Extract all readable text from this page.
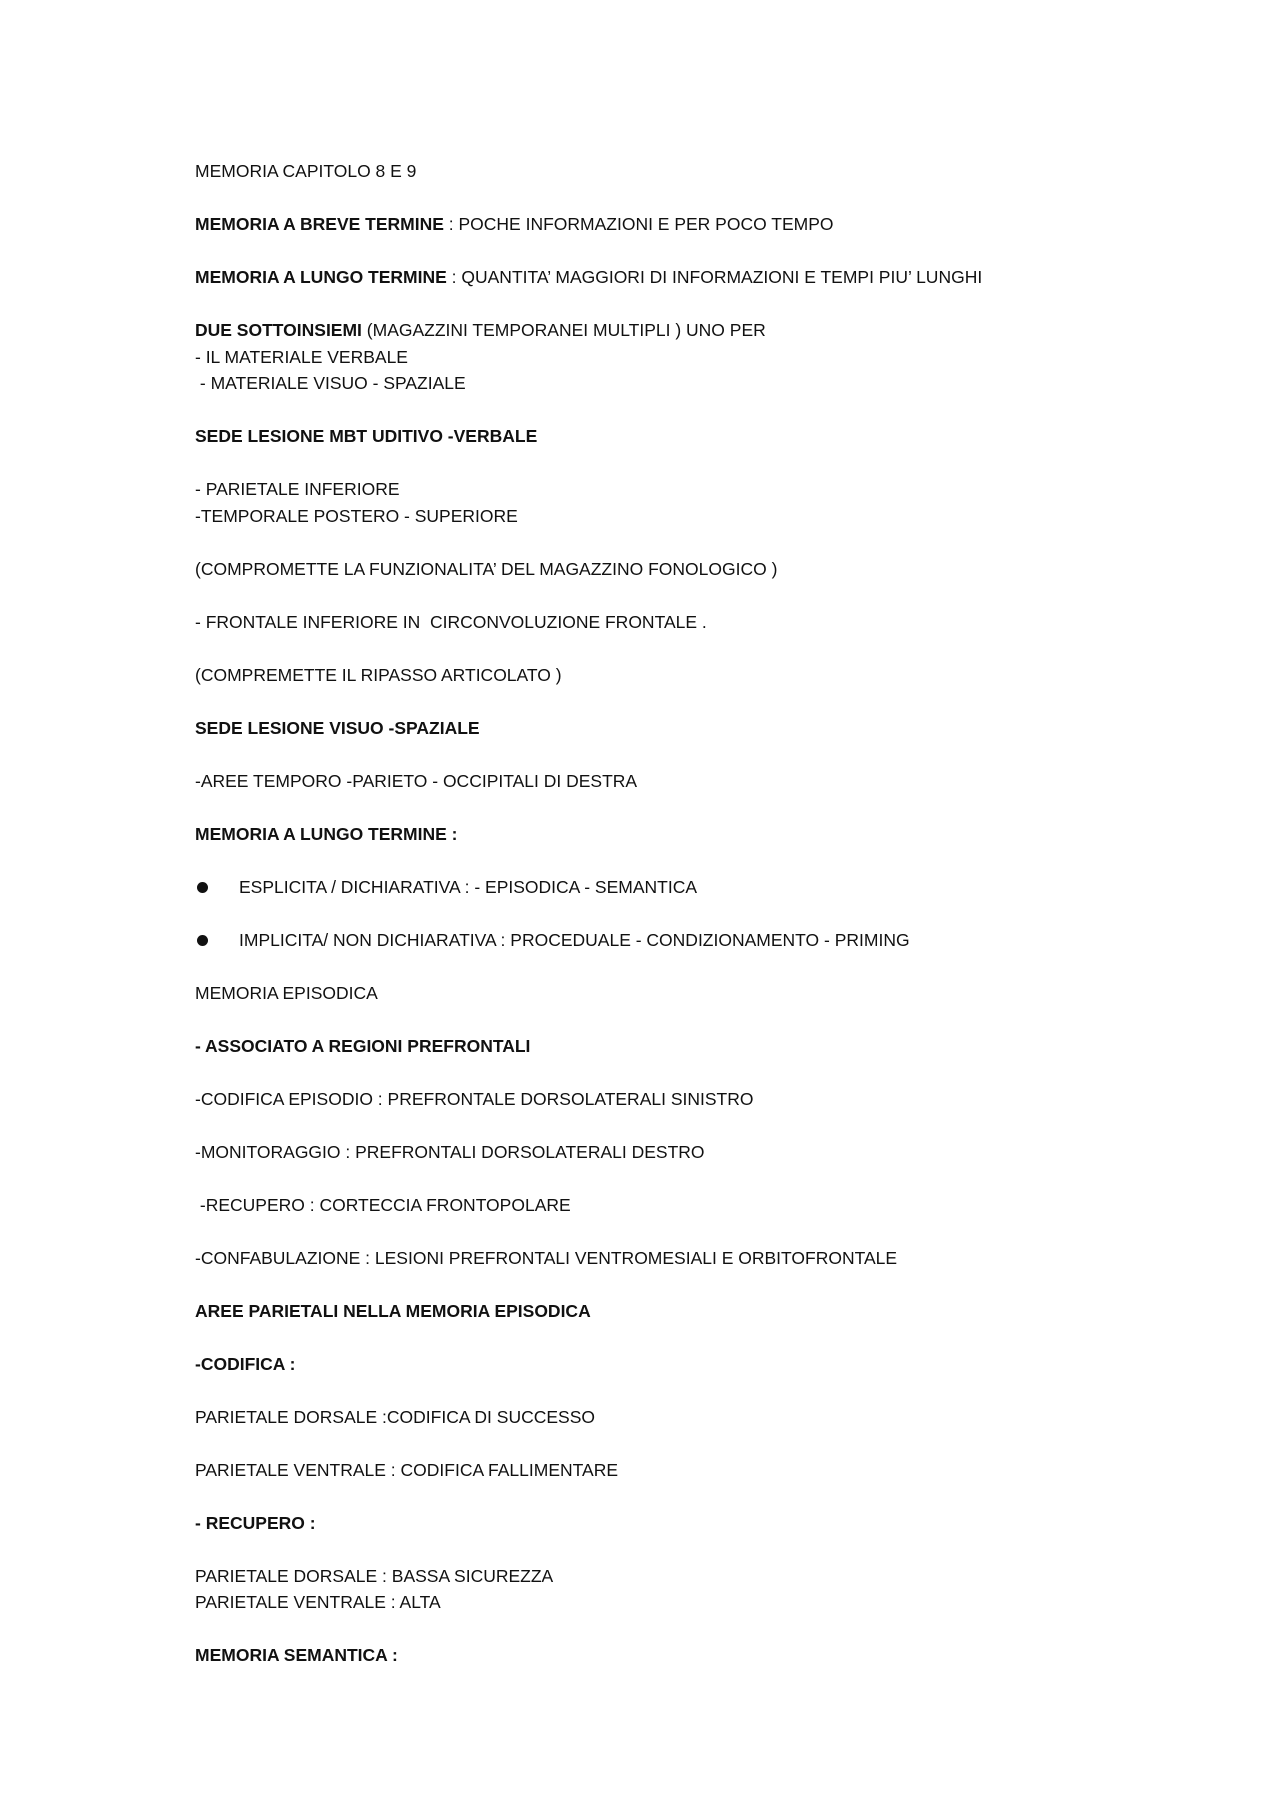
MEMORIA CAPITOLO 8 E 9

MEMORIA A BREVE TERMINE : POCHE INFORMAZIONI E PER POCO TEMPO

MEMORIA A LUNGO TERMINE : QUANTITA’ MAGGIORI DI INFORMAZIONI E TEMPI PIU’ LUNGHI

DUE SOTTOINSIEMI (MAGAZZINI TEMPORANEI MULTIPLI ) UNO PER
- IL MATERIALE VERBALE
- MATERIALE VISUO - SPAZIALE

SEDE LESIONE MBT UDITIVO -VERBALE

- PARIETALE INFERIORE
-TEMPORALE POSTERO - SUPERIORE

(COMPROMETTE LA FUNZIONALITA’ DEL MAGAZZINO FONOLOGICO )

- FRONTALE INFERIORE IN  CIRCONVOLUZIONE FRONTALE .

(COMPREMETTE IL RIPASSO ARTICOLATO )

SEDE LESIONE VISUO -SPAZIALE

-AREE TEMPORO -PARIETO - OCCIPITALI DI DESTRA

MEMORIA A LUNGO TERMINE :

ESPLICITA / DICHIARATIVA : - EPISODICA - SEMANTICA
IMPLICITA/ NON DICHIARATIVA : PROCEDUALE - CONDIZIONAMENTO - PRIMING

MEMORIA EPISODICA

- ASSOCIATO A REGIONI PREFRONTALI

-CODIFICA EPISODIO : PREFRONTALE DORSOLATERALI SINISTRO

-MONITORAGGIO : PREFRONTALI DORSOLATERALI DESTRO

-RECUPERO : CORTECCIA FRONTOPOLARE

-CONFABULAZIONE : LESIONI PREFRONTALI VENTROMESIALI E ORBITOFRONTALE

AREE PARIETALI NELLA MEMORIA EPISODICA

-CODIFICA :

PARIETALE DORSALE :CODIFICA DI SUCCESSO

PARIETALE VENTRALE : CODIFICA FALLIMENTARE

- RECUPERO :

PARIETALE DORSALE : BASSA SICUREZZA
PARIETALE VENTRALE : ALTA

MEMORIA SEMANTICA :
